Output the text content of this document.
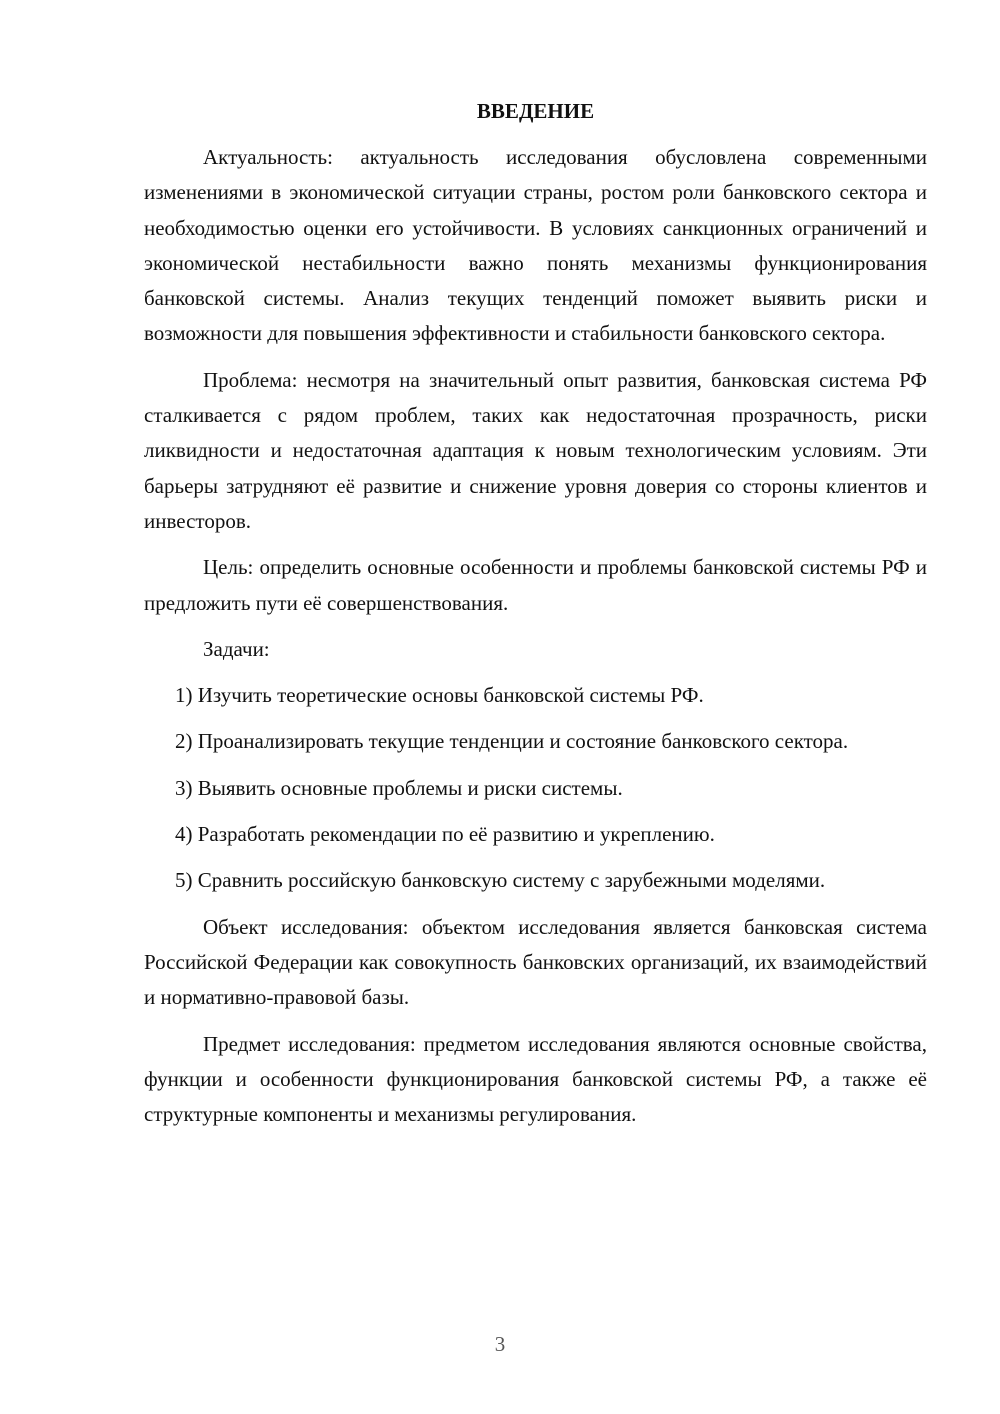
ВВЕДЕНИЕ

Актуальность: актуальность исследования обусловлена современными изменениями в экономической ситуации страны, ростом роли банковского сектора и необходимостью оценки его устойчивости. В условиях санкционных ограничений и экономической нестабильности важно понять механизмы функционирования банковской системы. Анализ текущих тенденций поможет выявить риски и возможности для повышения эффективности и стабильности банковского сектора.

Проблема: несмотря на значительный опыт развития, банковская система РФ сталкивается с рядом проблем, таких как недостаточная прозрачность, риски ликвидности и недостаточная адаптация к новым технологическим условиям. Эти барьеры затрудняют её развитие и снижение уровня доверия со стороны клиентов и инвесторов.

Цель: определить основные особенности и проблемы банковской системы РФ и предложить пути её совершенствования.

Задачи:

1) Изучить теоретические основы банковской системы РФ.

2) Проанализировать текущие тенденции и состояние банковского сектора.

3) Выявить основные проблемы и риски системы.

4) Разработать рекомендации по её развитию и укреплению.

5) Сравнить российскую банковскую систему с зарубежными моделями.

Объект исследования: объектом исследования является банковская система Российской Федерации как совокупность банковских организаций, их взаимодействий и нормативно-правовой базы.

Предмет исследования: предметом исследования являются основные свойства, функции и особенности функционирования банковской системы РФ, а также её структурные компоненты и механизмы регулирования.

3
